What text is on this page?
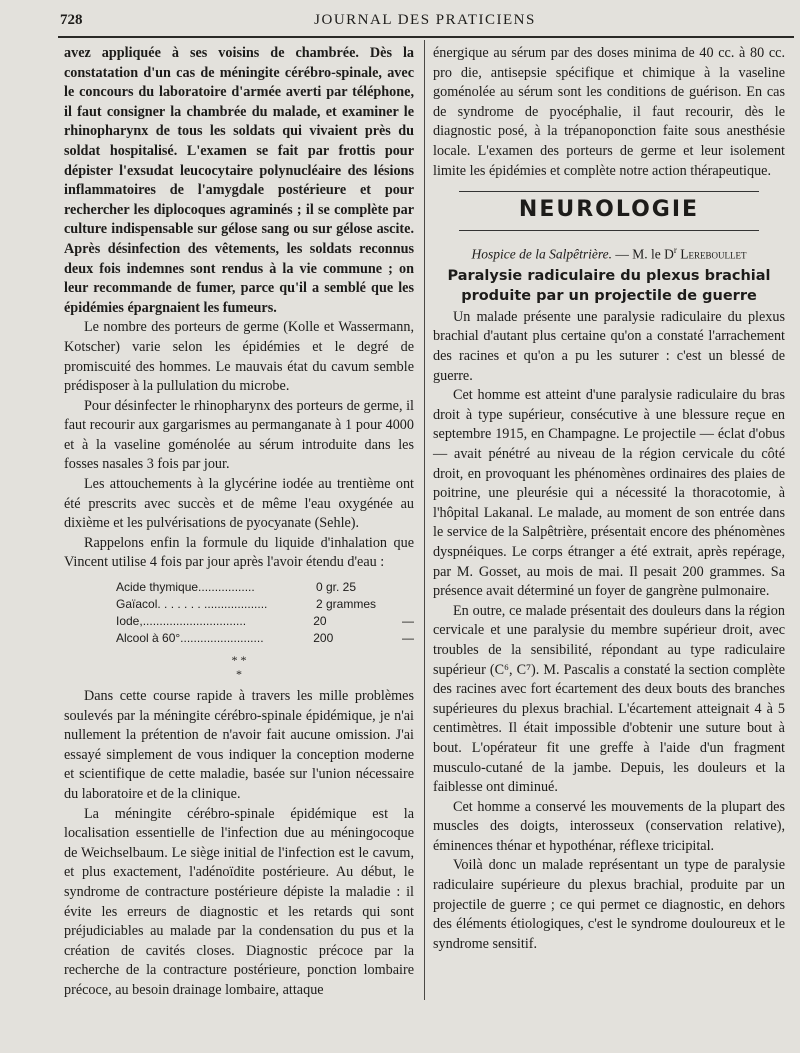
728	JOURNAL DES PRATICIENS

avez appliquée à ses voisins de chambrée. Dès la constatation d'un cas de méningite cérébro-spinale, avec le concours du laboratoire d'armée averti par téléphone, il faut consigner la chambrée du malade, et examiner le rhinopharynx de tous les soldats qui vivaient près du soldat hospitalisé. L'examen se fait par frottis pour dépister l'exsudat leucocytaire polynucléaire des lésions inflammatoires de l'amygdale postérieure et pour rechercher les diplocoques agraminés ; il se complète par culture indispensable sur gélose sang ou sur gélose ascite. Après désinfection des vêtements, les soldats reconnus deux fois indemnes sont rendus à la vie commune ; on leur recommande de fumer, parce qu'il a semblé que les épidémies épargnaient les fumeurs.

Le nombre des porteurs de germe (Kolle et Wassermann, Kotscher) varie selon les épidémies et le degré de promiscuité des hommes. Le mauvais état du cavum semble prédisposer à la pullulation du microbe.

Pour désinfecter le rhinopharynx des porteurs de germe, il faut recourir aux gargarismes au permanganate à 1 pour 4000 et à la vaseline goménolée au sérum introduite dans les fosses nasales 3 fois par jour.

Les attouchements à la glycérine iodée au trentième ont été prescrits avec succès et de même l'eau oxygénée au dixième et les pulvérisations de pyocyanate (Sehle).

Rappelons enfin la formule du liquide d'inhalation que Vincent utilise 4 fois par jour après l'avoir étendu d'eau :

Acide thymique.................	0 gr. 25
Gaïacol. . . . . . . ...................	2 grammes
Iode,...............................	20	—
Alcool à 60°.........................	200	—
* *
*

Dans cette course rapide à travers les mille problèmes soulevés par la méningite cérébro-spinale épidémique, je n'ai nullement la prétention de n'avoir fait aucune omission. J'ai essayé simplement de vous indiquer la conception moderne et scientifique de cette maladie, basée sur l'union nécessaire du laboratoire et de la clinique.

La méningite cérébro-spinale épidémique est la localisation essentielle de l'infection due au méningocoque de Weichselbaum. Le siège initial de l'infection est le cavum, et plus exactement, l'adénoïdite postérieure. Au début, le syndrome de contracture postérieure dépiste la maladie : il évite les erreurs de diagnostic et les retards qui sont préjudiciables au malade par la condensation du pus et la création de cavités closes. Diagnostic précoce par la recherche de la contracture postérieure, ponction lombaire précoce, au besoin drainage lombaire, attaque

énergique au sérum par des doses minima de 40 cc. à 80 cc. pro die, antisepsie spécifique et chimique à la vaseline goménolée au sérum sont les conditions de guérison. En cas de syndrome de pyocéphalie, il faut recourir, dès le diagnostic posé, à la trépanoponction faite sous anesthésie locale. L'examen des porteurs de germe et leur isolement limite les épidémies et complète notre action thérapeutique.

NEUROLOGIE
Hospice de la Salpêtrière. — M. le $D^r$ Lereboullet
Paralysie radiculaire du plexus brachial produite par un projectile de guerre

Un malade présente une paralysie radiculaire du plexus brachial d'autant plus certaine qu'on a constaté l'arrachement des racines et qu'on a pu les suturer : c'est un blessé de guerre.

Cet homme est atteint d'une paralysie radiculaire du bras droit à type supérieur, consécutive à une blessure reçue en septembre 1915, en Champagne. Le projectile — éclat d'obus — avait pénétré au niveau de la région cervicale du côté droit, en provoquant les phénomènes ordinaires des plaies de poitrine, une pleurésie qui a nécessité la thoracotomie, à l'hôpital Lakanal. Le malade, au moment de son entrée dans le service de la Salpêtrière, présentait encore des phénomènes dyspnéiques. Le corps étranger a été extrait, après repérage, par M. Gosset, au mois de mai. Il pesait 200 grammes. Sa présence avait déterminé un foyer de gangrène pulmonaire.

En outre, ce malade présentait des douleurs dans la région cervicale et une paralysie du membre supérieur droit, avec troubles de la sensibilité, répondant au type radiculaire supérieur (C⁶, C⁷). M. Pascalis a constaté la section complète des racines avec fort écartement des deux bouts des branches supérieures du plexus brachial. L'écartement atteignait 4 à 5 centimètres. Il était impossible d'obtenir une suture bout à bout. L'opérateur fit une greffe à l'aide d'un fragment musculo-cutané de la jambe. Depuis, les douleurs et la faiblesse ont diminué.

Cet homme a conservé les mouvements de la plupart des muscles des doigts, interosseux (conservation relative), éminences thénar et hypothénar, réflexe tricipital.

Voilà donc un malade représentant un type de paralysie radiculaire supérieure du plexus brachial, produite par un projectile de guerre ; ce qui permet ce diagnostic, en dehors des éléments étiologiques, c'est le syndrome douloureux et le syndrome sensitif.
